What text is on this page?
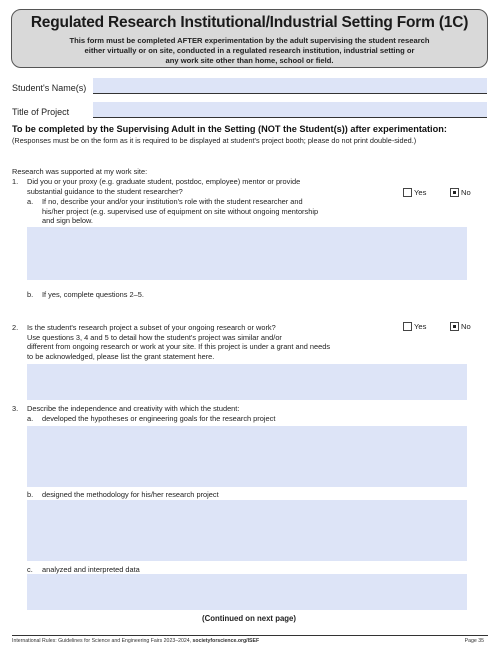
Regulated Research Institutional/Industrial Setting Form (1C)
This form must be completed AFTER experimentation by the adult supervising the student research
either virtually or on site, conducted in a regulated research institution, industrial setting or
any work site other than home, school or field.
Student's Name(s)
Title of Project
To be completed by the Supervising Adult in the Setting (NOT the Student(s)) after experimentation:
(Responses must be on the form as it is required to be displayed at student's project booth; please do not print double-sided.)
Research was supported at my work site:
1. Did you or your proxy (e.g. graduate student, postdoc, employee) mentor or provide
substantial guidance to the student researcher?	Yes	No
a. If no, describe your and/or your institution's role with the student researcher and
his/her project (e.g. supervised use of equipment on site without ongoing mentorship
and sign below.
b. If yes, complete questions 2–5.
2. Is the student's research project a subset of your ongoing research or work?
Use questions 3, 4 and 5 to detail how the student's project was similar and/or
different from ongoing research or work at your site. If this project is under a grant and needs
to be acknowledged, please list the grant statement here.
Yes	No
3. Describe the independence and creativity with which the student:
a. developed the hypotheses or engineering goals for the research project
b. designed the methodology for his/her research project
c. analyzed and interpreted data
(Continued on next page)
International Rules: Guidelines for Science and Engineering Fairs 2023–2024, societyforscience.org/ISEF	Page 35
